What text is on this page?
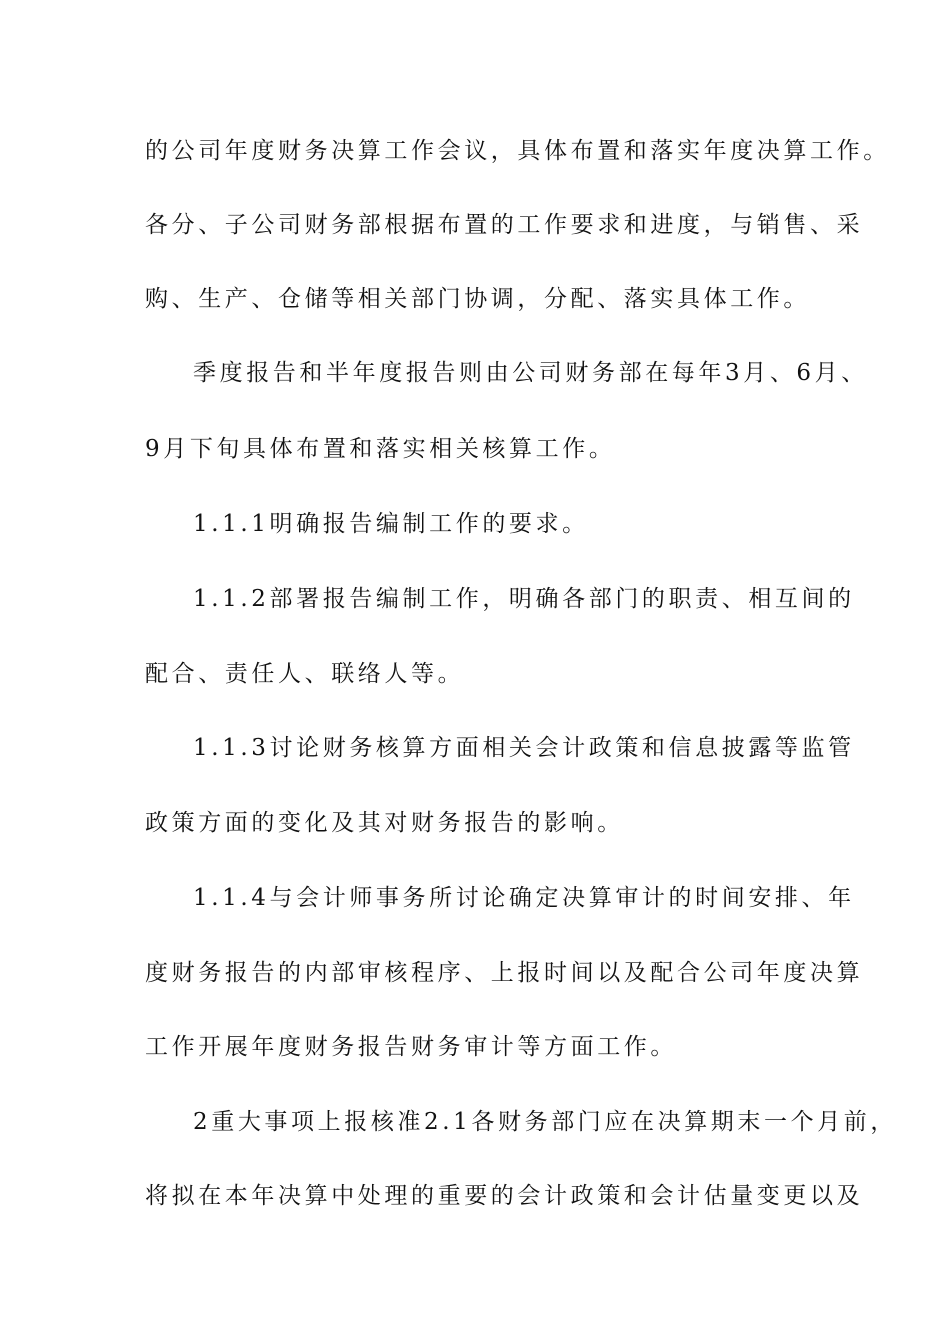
的公司年度财务决算工作会议，具体布置和落实年度决算工作。
各分、子公司财务部根据布置的工作要求和进度，与销售、采
购、生产、仓储等相关部门协调，分配、落实具体工作。
季度报告和半年度报告则由公司财务部在每年3月、6月、
9月下旬具体布置和落实相关核算工作。
1.1.1明确报告编制工作的要求。
1.1.2部署报告编制工作，明确各部门的职责、相互间的
配合、责任人、联络人等。
1.1.3讨论财务核算方面相关会计政策和信息披露等监管
政策方面的变化及其对财务报告的影响。
1.1.4与会计师事务所讨论确定决算审计的时间安排、年
度财务报告的内部审核程序、上报时间以及配合公司年度决算
工作开展年度财务报告财务审计等方面工作。
2重大事项上报核准2.1各财务部门应在决算期末一个月前，
将拟在本年决算中处理的重要的会计政策和会计估量变更以及
